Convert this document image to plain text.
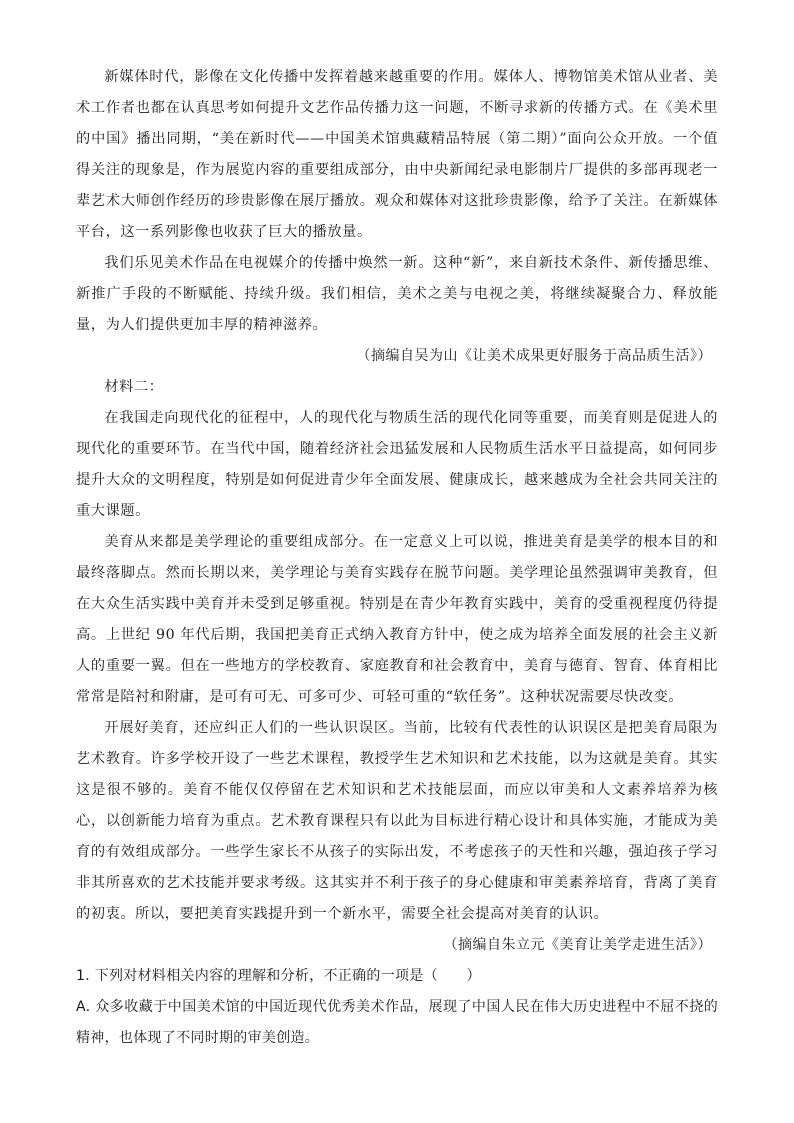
新媒体时代，影像在文化传播中发挥着越来越重要的作用。媒体人、博物馆美术馆从业者、美术工作者也都在认真思考如何提升文艺作品传播力这一问题，不断寻求新的传播方式。在《美术里的中国》播出同期，“美在新时代——中国美术馆典藏精品特展（第二期）”面向公众开放。一个值得关注的现象是，作为展览内容的重要组成部分，由中央新闻纪录电影制片厂提供的多部再现老一辈艺术大师创作经历的珍贵影像在展厅播放。观众和媒体对这批珍贵影像，给予了关注。在新媒体平台，这一系列影像也收获了巨大的播放量。

我们乐见美术作品在电视媒介的传播中焕然一新。这种“新”，来自新技术条件、新传播思维、新推广手段的不断赋能、持续升级。我们相信，美术之美与电视之美，将继续凝聚合力、释放能量，为人们提供更加丰厚的精神滋养。

（摘编自吴为山《让美术成果更好服务于高品质生活》）

材料二：

在我国走向现代化的征程中，人的现代化与物质生活的现代化同等重要，而美育则是促进人的现代化的重要环节。在当代中国，随着经济社会迅猛发展和人民物质生活水平日益提高，如何同步提升大众的文明程度，特别是如何促进青少年全面发展、健康成长，越来越成为全社会共同关注的重大课题。

美育从来都是美学理论的重要组成部分。在一定意义上可以说，推进美育是美学的根本目的和最终落脚点。然而长期以来，美学理论与美育实践存在脱节问题。美学理论虽然强调审美教育，但在大众生活实践中美育并未受到足够重视。特别是在青少年教育实践中，美育的受重视程度仍待提高。上世纪 90 年代后期，我国把美育正式纳入教育方针中，使之成为培养全面发展的社会主义新人的重要一翼。但在一些地方的学校教育、家庭教育和社会教育中，美育与德育、智育、体育相比常常是陪衬和附庸，是可有可无、可多可少、可轻可重的“软任务”。这种状况需要尽快改变。

开展好美育，还应纠正人们的一些认识误区。当前，比较有代表性的认识误区是把美育局限为艺术教育。许多学校开设了一些艺术课程，教授学生艺术知识和艺术技能，以为这就是美育。其实这是很不够的。美育不能仅仅停留在艺术知识和艺术技能层面，而应以审美和人文素养培养为核心，以创新能力培育为重点。艺术教育课程只有以此为目标进行精心设计和具体实施，才能成为美育的有效组成部分。一些学生家长不从孩子的实际出发，不考虑孩子的天性和兴趣，强迫孩子学习非其所喜欢的艺术技能并要求考级。这其实并不利于孩子的身心健康和审美素养培育，背离了美育的初衷。所以，要把美育实践提升到一个新水平，需要全社会提高对美育的认识。

（摘编自朱立元《美育让美学走进生活》）

1. 下列对材料相关内容的理解和分析，不正确的一项是（　　）

A. 众多收藏于中国美术馆的中国近现代优秀美术作品，展现了中国人民在伟大历史进程中不屈不挠的精神，也体现了不同时期的审美创造。
